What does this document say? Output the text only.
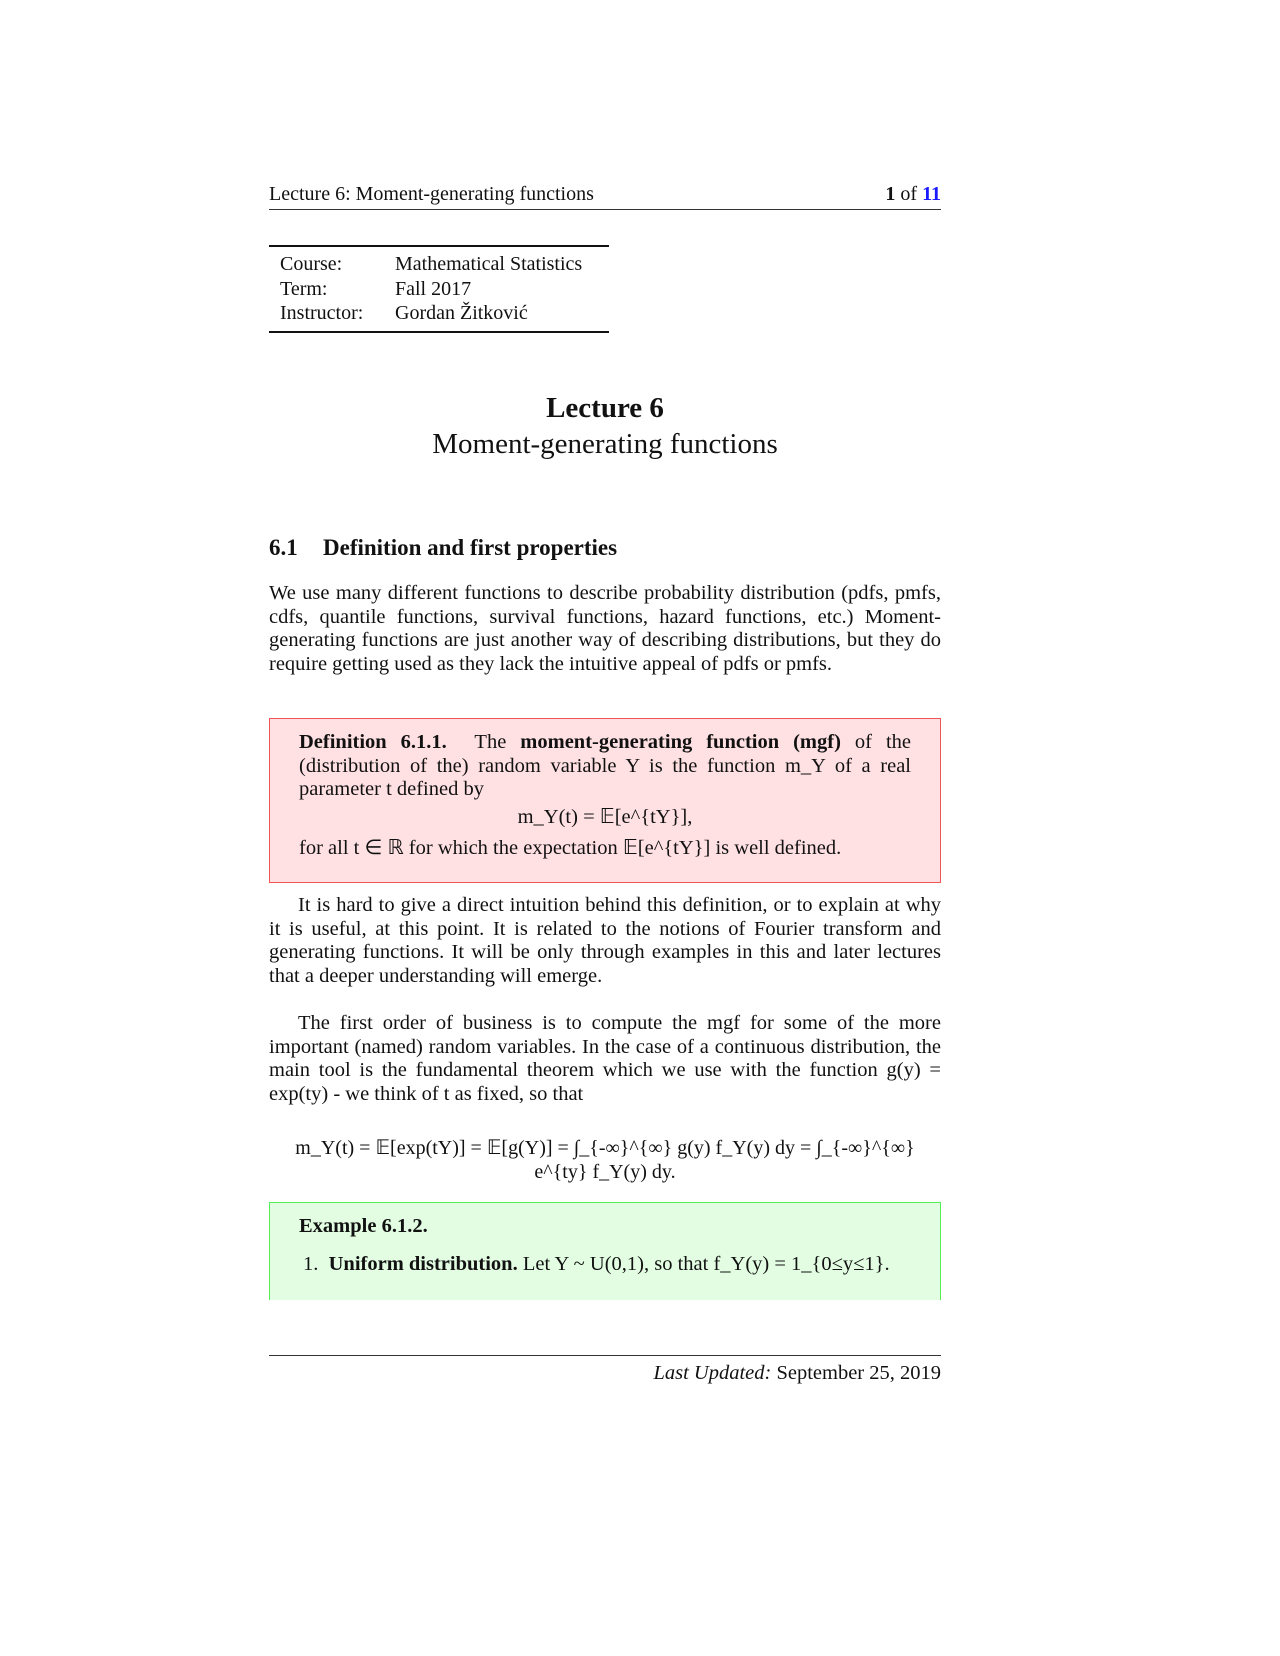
Lecture 6: Moment-generating functions	1 of 11
Course:	Mathematical Statistics
Term:	Fall 2017
Instructor:	Gordan Žitković
Lecture 6
Moment-generating functions
6.1 Definition and first properties
We use many different functions to describe probability distribution (pdfs, pmfs, cdfs, quantile functions, survival functions, hazard functions, etc.) Moment-generating functions are just another way of describing distributions, but they do require getting used as they lack the intuitive appeal of pdfs or pmfs.
Definition 6.1.1. The moment-generating function (mgf) of the (distribution of the) random variable Y is the function m_Y of a real parameter t defined by
m_Y(t) = 𝔼[e^{tY}],
for all t ∈ ℝ for which the expectation 𝔼[e^{tY}] is well defined.
It is hard to give a direct intuition behind this definition, or to explain at why it is useful, at this point. It is related to the notions of Fourier transform and generating functions. It will be only through examples in this and later lectures that a deeper understanding will emerge.
The first order of business is to compute the mgf for some of the more important (named) random variables. In the case of a continuous distribution, the main tool is the fundamental theorem which we use with the function g(y) = exp(ty) - we think of t as fixed, so that
m_Y(t) = 𝔼[exp(tY)] = 𝔼[g(Y)] = ∫_{-∞}^{∞} g(y) f_Y(y) dy = ∫_{-∞}^{∞} e^{ty} f_Y(y) dy.
Example 6.1.2.
1. Uniform distribution. Let Y ~ U(0,1), so that f_Y(y) = 1_{0≤y≤1}.
Last Updated: September 25, 2019
